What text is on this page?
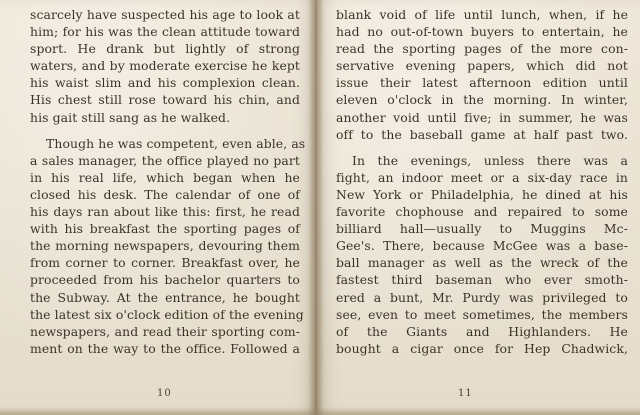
scarcely have suspected his age to look at
him; for his was the clean attitude toward
sport. He drank but lightly of strong
waters, and by moderate exercise he kept
his waist slim and his complexion clean.
His chest still rose toward his chin, and
his gait still sang as he walked.
Though he was competent, even able, as
a sales manager, the office played no part
in his real life, which began when he
closed his desk. The calendar of one of
his days ran about like this: first, he read
with his breakfast the sporting pages of
the morning newspapers, devouring them
from corner to corner. Breakfast over, he
proceeded from his bachelor quarters to
the Subway. At the entrance, he bought
the latest six o'clock edition of the evening
newspapers, and read their sporting com-
ment on the way to the office. Followed a
10
blank void of life until lunch, when, if he
had no out-of-town buyers to entertain, he
read the sporting pages of the more con-
servative evening papers, which did not
issue their latest afternoon edition until
eleven o'clock in the morning. In winter,
another void until five; in summer, he was
off to the baseball game at half past two.
In the evenings, unless there was a
fight, an indoor meet or a six-day race in
New York or Philadelphia, he dined at his
favorite chophouse and repaired to some
billiard hall—usually to Muggins Mc-
Gee's. There, because McGee was a base-
ball manager as well as the wreck of the
fastest third baseman who ever smoth-
ered a bunt, Mr. Purdy was privileged to
see, even to meet sometimes, the members
of the Giants and Highlanders. He
bought a cigar once for Hep Chadwick,
11
